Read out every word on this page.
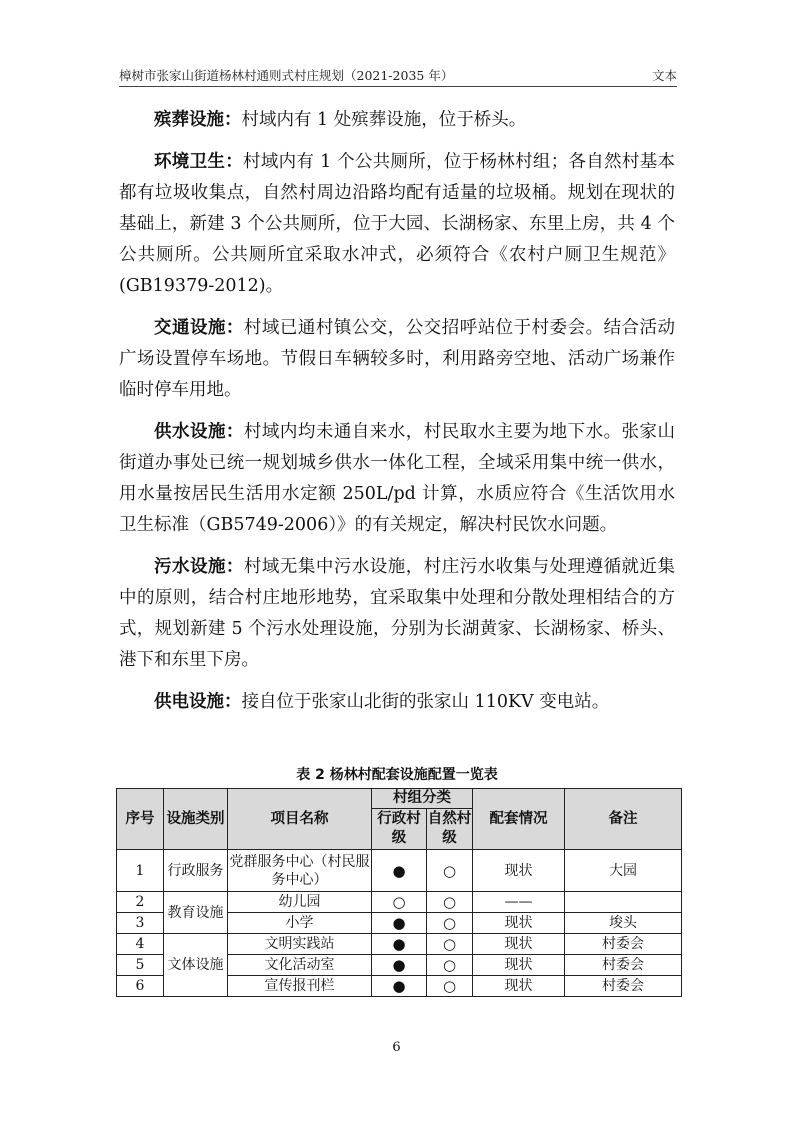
樟树市张家山街道杨林村通则式村庄规划（2021-2035 年）	文本

殡葬设施：村域内有 1 处殡葬设施，位于桥头。

环境卫生：村域内有 1 个公共厕所，位于杨林村组；各自然村基本都有垃圾收集点，自然村周边沿路均配有适量的垃圾桶。规划在现状的基础上，新建 3 个公共厕所，位于大园、长湖杨家、东里上房，共 4 个公共厕所。公共厕所宜采取水冲式，必须符合《农村户厕卫生规范》(GB19379-2012)。

交通设施：村域已通村镇公交，公交招呼站位于村委会。结合活动广场设置停车场地。节假日车辆较多时，利用路旁空地、活动广场兼作临时停车用地。

供水设施：村域内均未通自来水，村民取水主要为地下水。张家山街道办事处已统一规划城乡供水一体化工程，全域采用集中统一供水，用水量按居民生活用水定额 250L/pd 计算，水质应符合《生活饮用水卫生标准（GB5749-2006）》的有关规定，解决村民饮水问题。

污水设施：村域无集中污水设施，村庄污水收集与处理遵循就近集中的原则，结合村庄地形地势，宜采取集中处理和分散处理相结合的方式，规划新建 5 个污水处理设施，分别为长湖黄家、长湖杨家、桥头、港下和东里下房。

供电设施：接自位于张家山北街的张家山 110KV 变电站。

表 2 杨林村配套设施配置一览表
序号	设施类别	项目名称	村组分类		配套情况	备注
			行政村级	自然村级		
1	行政服务	党群服务中心（村民服务中心）	●	○	现状	大园
2	教育设施	幼儿园	○	○	——	
3		小学	●	○	现状	埈头
4	文体设施	文明实践站	●	○	现状	村委会
5		文化活动室	●	○	现状	村委会
6		宣传报刊栏	●	○	现状	村委会
6
